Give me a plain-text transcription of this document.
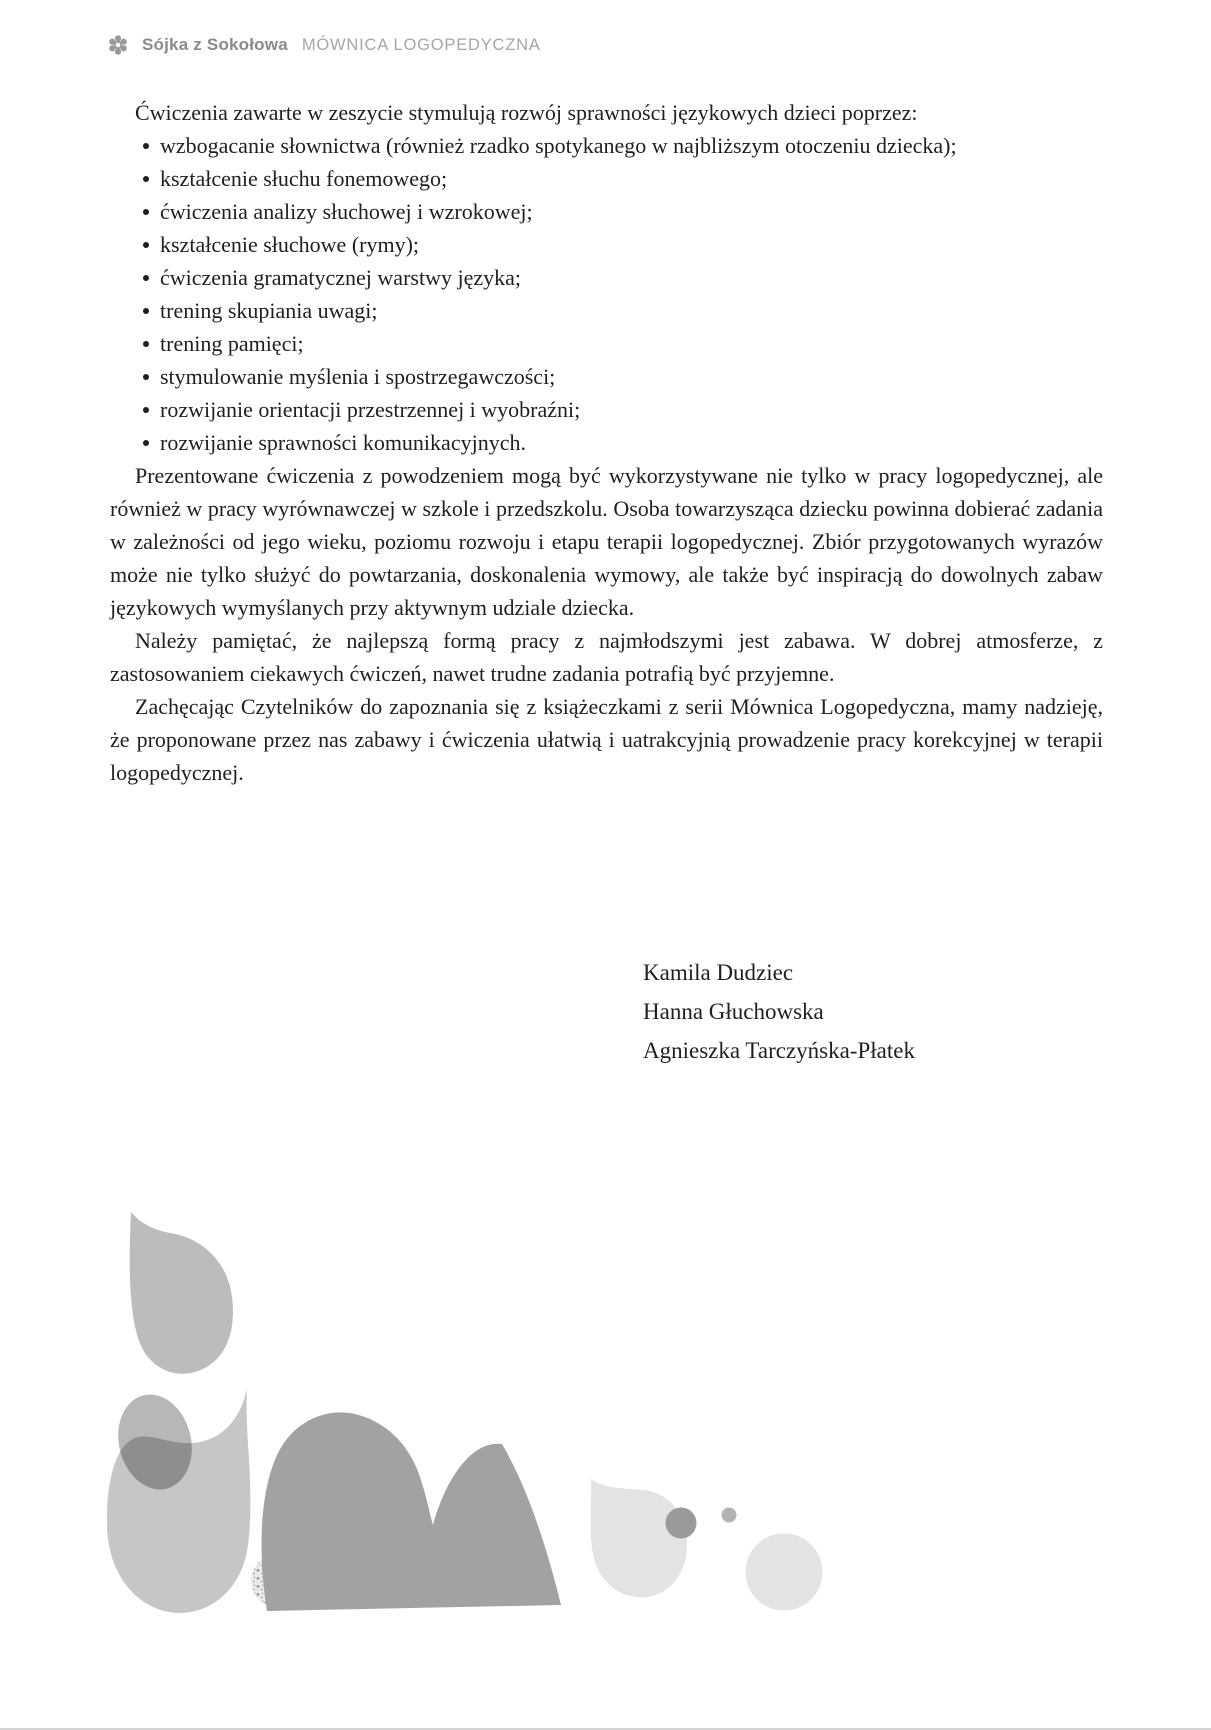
Sójka z Sokołowa MÓWNICA LOGOPEDYCZNA

Ćwiczenia zawarte w zeszycie stymulują rozwój sprawności językowych dzieci poprzez:

wzbogacanie słownictwa (również rzadko spotykanego w najbliższym otoczeniu dziecka);
kształcenie słuchu fonemowego;
ćwiczenia analizy słuchowej i wzrokowej;
kształcenie słuchowe (rymy);
ćwiczenia gramatycznej warstwy języka;
trening skupiania uwagi;
trening pamięci;
stymulowanie myślenia i spostrzegawczości;
rozwijanie orientacji przestrzennej i wyobraźni;
rozwijanie sprawności komunikacyjnych.

Prezentowane ćwiczenia z powodzeniem mogą być wykorzystywane nie tylko w pracy logopedycznej, ale również w pracy wyrównawczej w szkole i przedszkolu. Osoba towarzysząca dziecku powinna dobierać zadania w zależności od jego wieku, poziomu rozwoju i etapu terapii logopedycznej. Zbiór przygotowanych wyrazów może nie tylko służyć do powtarzania, doskonalenia wymowy, ale także być inspiracją do dowolnych zabaw językowych wymyślanych przy aktywnym udziale dziecka.

Należy pamiętać, że najlepszą formą pracy z najmłodszymi jest zabawa. W dobrej atmosferze, z zastosowaniem ciekawych ćwiczeń, nawet trudne zadania potrafią być przyjemne.

Zachęcając Czytelników do zapoznania się z książeczkami z serii Mównica Logopedyczna, mamy nadzieję, że proponowane przez nas zabawy i ćwiczenia ułatwią i uatrakcyjnią prowadzenie pracy korekcyjnej w terapii logopedycznej.

Kamila Dudziec
Hanna Głuchowska
Agnieszka Tarczyńska-Płatek
